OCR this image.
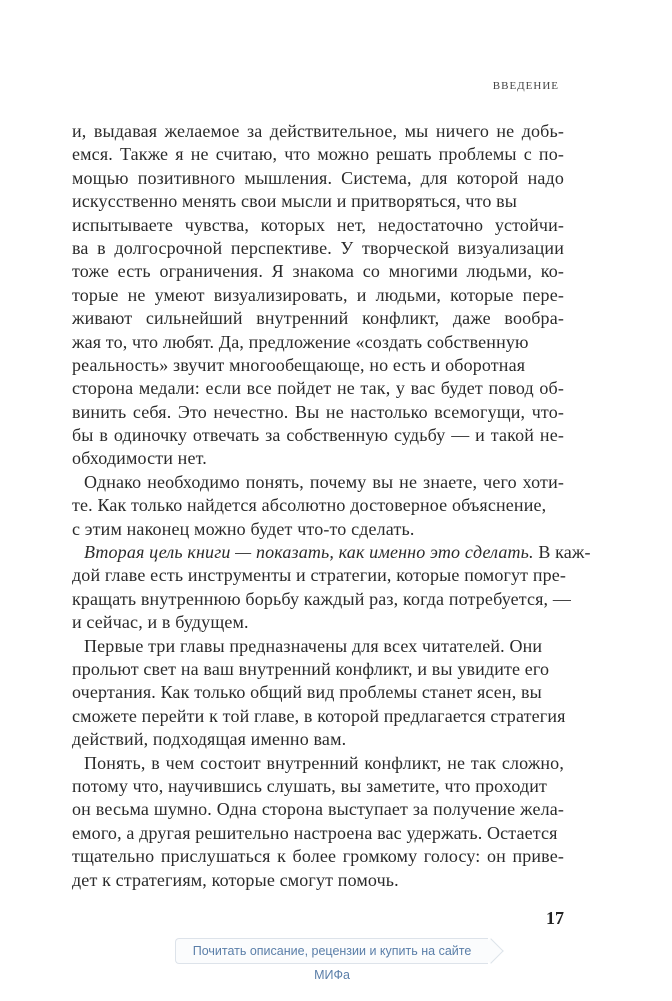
ВВЕДЕНИЕ
и, выдавая желаемое за действительное, мы ничего не добь-
емся. Также я не считаю, что можно решать проблемы с по-
мощью позитивного мышления. Система, для которой надо
искусственно менять свои мысли и притворяться, что вы
испытываете чувства, которых нет, недостаточно устойчи-
ва в долгосрочной перспективе. У творческой визуализации
тоже есть ограничения. Я знакома со многими людьми, ко-
торые не умеют визуализировать, и людьми, которые пере-
живают сильнейший внутренний конфликт, даже вообра-
жая то, что любят. Да, предложение «создать собственную
реальность» звучит многообещающе, но есть и оборотная
сторона медали: если все пойдет не так, у вас будет повод об-
винить себя. Это нечестно. Вы не настолько всемогущи, что-
бы в одиночку отвечать за собственную судьбу — и такой не-
обходимости нет.
Однако необходимо понять, почему вы не знаете, чего хоти-
те. Как только найдется абсолютно достоверное объяснение,
с этим наконец можно будет что-то сделать.
Вторая цель книги — показать, как именно это сделать. В каж-
дой главе есть инструменты и стратегии, которые помогут пре-
кращать внутреннюю борьбу каждый раз, когда потребуется, —
и сейчас, и в будущем.
Первые три главы предназначены для всех читателей. Они
прольют свет на ваш внутренний конфликт, и вы увидите его
очертания. Как только общий вид проблемы станет ясен, вы
сможете перейти к той главе, в которой предлагается стратегия
действий, подходящая именно вам.
Понять, в чем состоит внутренний конфликт, не так сложно,
потому что, научившись слушать, вы заметите, что проходит
он весьма шумно. Одна сторона выступает за получение жела-
емого, а другая решительно настроена вас удержать. Остается
тщательно прислушаться к более громкому голосу: он приве-
дет к стратегиям, которые смогут помочь.
17
Почитать описание, рецензии и купить на сайте МИФа
